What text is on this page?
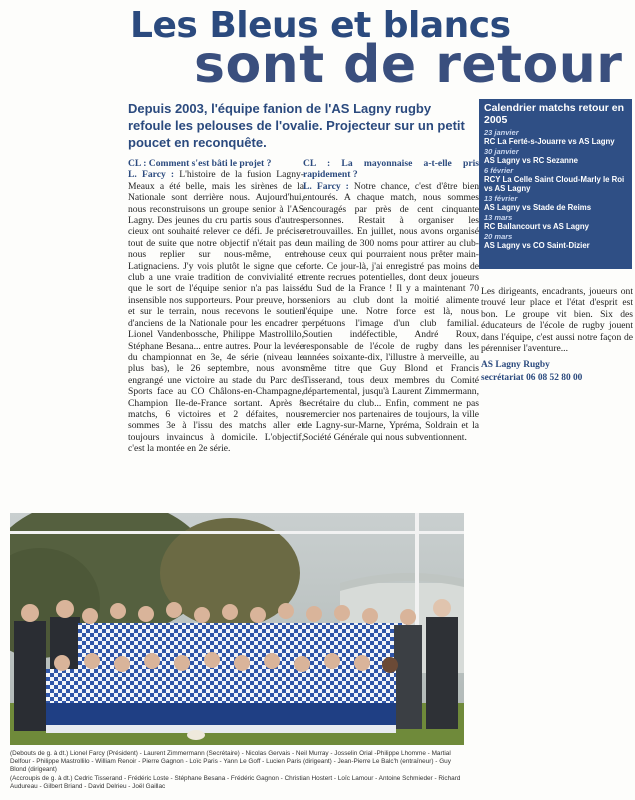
Les Bleus et blancs
sont de retour
Depuis 2003, l'équipe fanion de l'AS Lagny rugby refoule les pelouses de l'ovalie. Projecteur sur un petit poucet en reconquête.
Calendrier matchs retour en 2005
23 janvier
RC La Ferté-s-Jouarre vs AS Lagny
30 janvier
AS Lagny vs RC Sezanne
6 février
RCY La Celle Saint Cloud-Marly le Roi vs AS Lagny
13 février
AS Lagny vs Stade de Reims
13 mars
RC Ballancourt vs AS Lagny
20 mars
AS Lagny vs CO Saint-Dizier

CL : Comment s'est bâti le projet ?

L. Farcy : L'histoire de la fusion Lagny-Meaux a été belle, mais les sirènes de la Nationale sont derrière nous. Aujourd'hui, nous reconstruisons un groupe senior à l'AS Lagny. Des jeunes du cru partis sous d'autres cieux ont souhaité relever ce défi. Je précise tout de suite que notre objectif n'était pas de nous replier sur nous-même, entre Latignaciens. J'y vois plutôt le signe que ce club a une vraie tradition de convivialité et que le sort de l'équipe senior n'a pas laissé insensible nos supporteurs. Pour preuve, hors et sur le terrain, nous recevons le soutien d'anciens de la Nationale pour les encadrer : Lionel Vandenbossche, Philippe Mastrollilo, Stéphane Besana... entre autres. Pour la levée du championnat en 3e, 4e série (niveau le plus bas), le 26 septembre, nous avons engrangé une victoire au stade du Parc des Sports face au CO Châlons-en-Champagne, Champion Ile-de-France sortant. Après 8 matchs, 6 victoires et 2 défaites, nous sommes 3e à l'issu des matchs aller et toujours invaincus à domicile. L'objectif, c'est la montée en 2e série.

CL : La mayonnaise a-t-elle pris rapidement ?

L. Farcy : Notre chance, c'est d'être bien entourés. A chaque match, nous sommes encouragés par près de cent cinquante personnes. Restait à organiser les retrouvailles. En juillet, nous avons organisé un mailing de 300 noms pour attirer au club-house ceux qui pourraient nous prêter main-forte. Ce jour-là, j'ai enregistré pas moins de trente recrues potentielles, dont deux joueurs du Sud de la France ! Il y a maintenant 70 seniors au club dont la moitié alimente l'équipe une. Notre force est là, nous perpétuons l'image d'un club familial. Soutien indéfectible, André Roux, responsable de l'école de rugby dans les années soixante-dix, l'illustre à merveille, au même titre que Guy Blond et Francis Tisserand, tous deux membres du Comité départemental, jusqu'à Laurent Zimmermann, secrétaire du club... Enfin, comment ne pas remercier nos partenaires de toujours, la ville de Lagny-sur-Marne, Ypréma, Soldrain et la Société Générale qui nous subventionnent.

Les dirigeants, encadrants, joueurs ont trouvé leur place et l'état d'esprit est bon. Le groupe vit bien. Six des éducateurs de l'école de rugby jouent dans l'équipe, c'est aussi notre façon de pérenniser l'aventure...

AS Lagny Rugby
secrétariat 06 08 52 80 00

(Debouts de g. à dt.) Lionel Farcy (Président) - Laurent Zimmermann (Secrétaire) - Nicolas Gervais - Neil Murray - Josselin Orial -Philippe Lhomme - Martial Delfour - Philippe Mastrollilo - William Renoir - Pierre Gagnon - Loïc Paris - Yann Le Goff - Lucien Paris (dirigeant) - Jean-Pierre Le Balc'h (entraîneur) - Guy Blond (dirigeant)

(Accroupis de g. à dt.) Cedric Tisserand - Frédéric Loste - Stéphane Besana - Frédéric Gagnon - Christian Hostert - Loïc Lamour - Antoine Schmieder - Richard Audureau - Gilbert Briand - David Delrieu - Joël Gaillac
